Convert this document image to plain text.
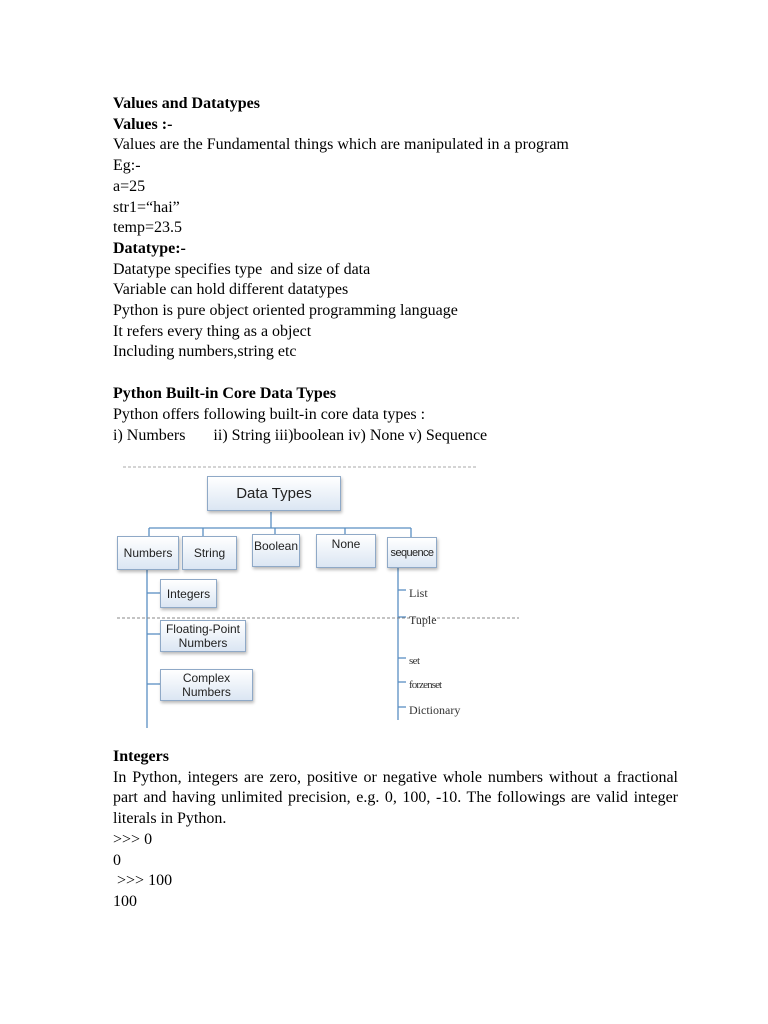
Values and Datatypes
Values :-
Values are the Fundamental things which are manipulated in a program
Eg:-
a=25
str1=“hai”
temp=23.5
Datatype:-
Datatype specifies type  and size of data
Variable can hold different datatypes
Python is pure object oriented programming language
It refers every thing as a object
Including numbers,string etc
Python Built-in Core Data Types
Python offers following built-in core data types :
i) Numbers       ii) String iii)boolean iv) None v) Sequence
Data Types
Numbers	String	Boolean	None
sequence
Integers
Floating-Point Numbers
Complex Numbers
List
Tuple
set
forzenset
Dictionary
Integers
In Python, integers are zero, positive or negative whole numbers without a fractional part and having unlimited precision, e.g. 0, 100, -10. The followings are valid integer literals in Python.
>>> 0
0
>>> 100
100
